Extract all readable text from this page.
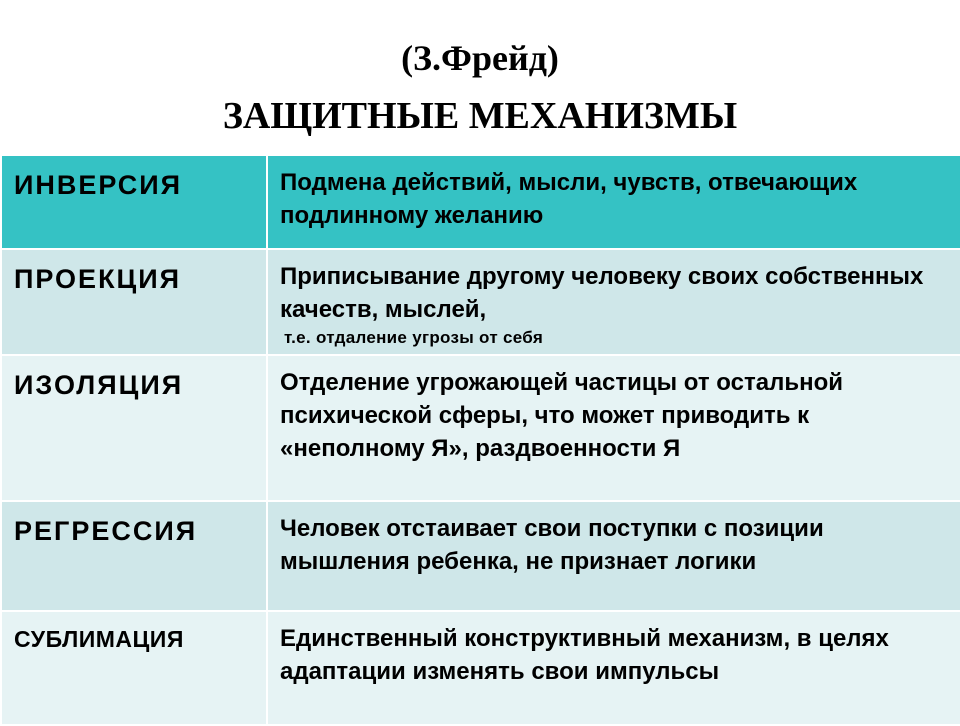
(З.Фрейд)
ЗАЩИТНЫЕ МЕХАНИЗМЫ
ИНВЕРСИЯ	Подмена действий, мысли, чувств, отвечающих подлинному желанию

ПРОЕКЦИЯ	Приписывание другому человеку своих собственных качеств, мыслей,
т.е. отдаление угрозы от себя

ИЗОЛЯЦИЯ	Отделение угрожающей частицы от остальной психической сферы, что может приводить к «неполному Я», раздвоенности Я

РЕГРЕССИЯ	Человек отстаивает свои поступки с позиции мышления ребенка, не признает логики

СУБЛИМАЦИЯ	Единственный конструктивный механизм, в целях адаптации изменять свои импульсы
